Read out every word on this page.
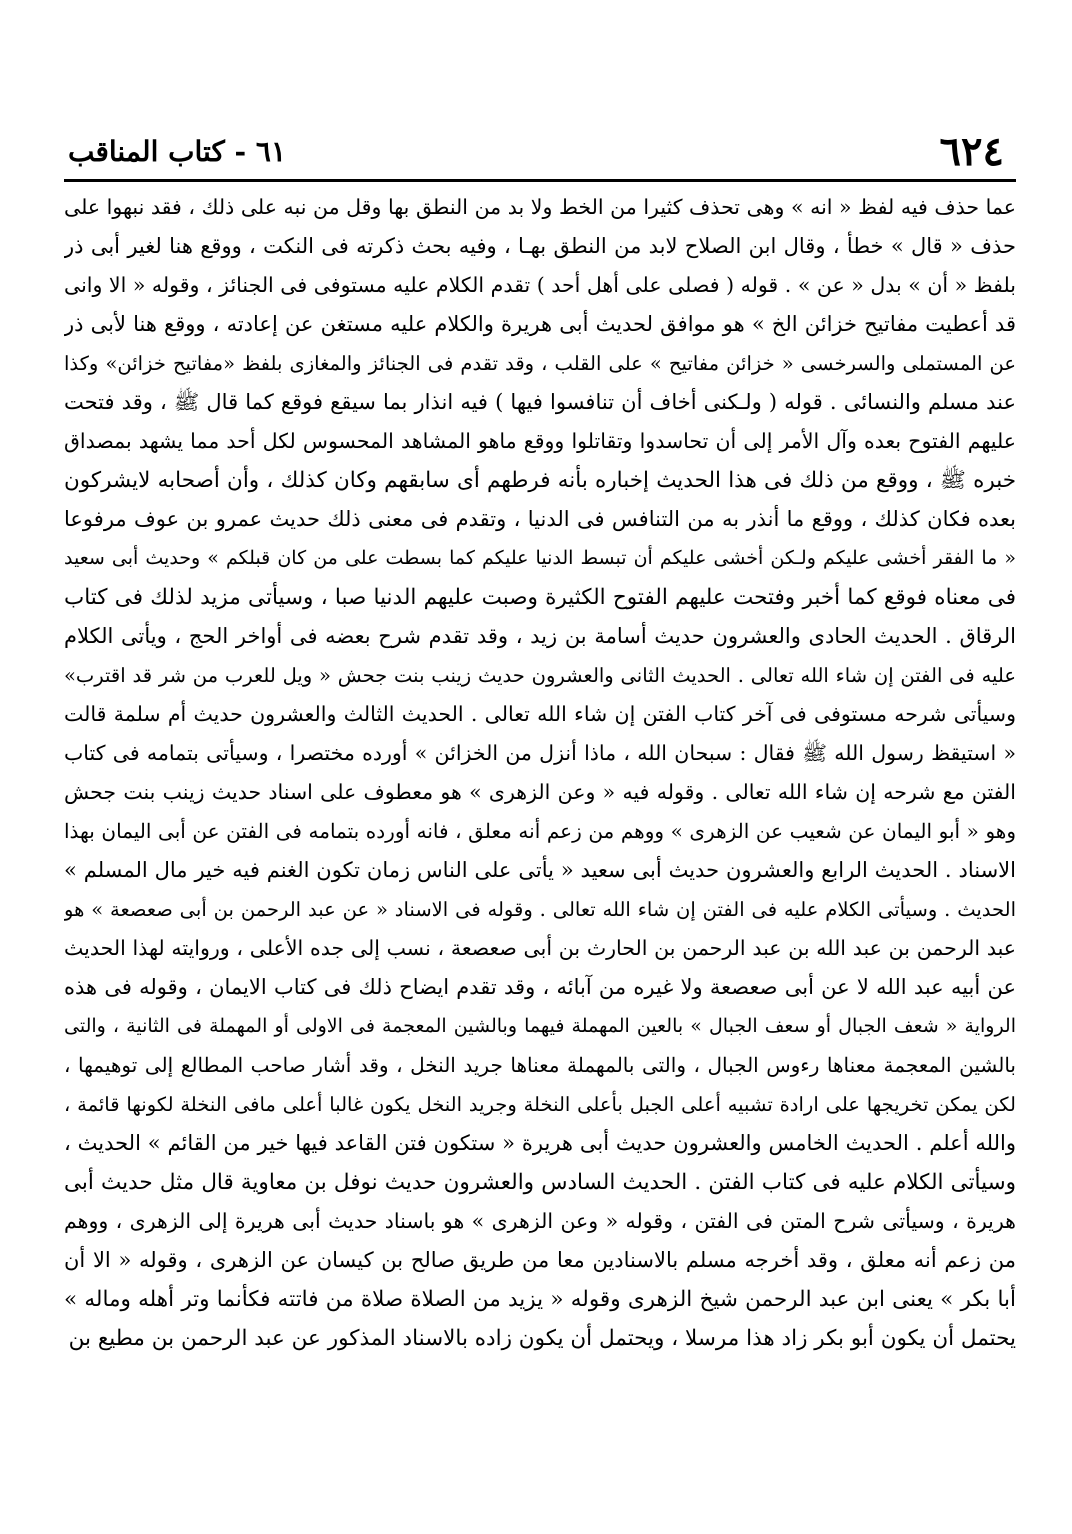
٦٢٤
٦١ - كتاب المناقب
عما حذف فيه لفظ « انه » وهى تحذف كثيرا من الخط ولا بد من النطق بها وقل من نبه على ذلك ، فقد نبهوا على
حذف « قال » خطأ ، وقال ابن الصلاح لابد من النطق بهـا ، وفيه بحث ذكرته فى النكت ، ووقع هنا لغير أبى ذر
بلفظ « أن » بدل « عن » . قوله ( فصلى على أهل أحد ) تقدم الكلام عليه مستوفى فى الجنائز ، وقوله « الا وانى
قد أعطيت مفاتيح خزائن الخ » هو موافق لحديث أبى هريرة والكلام عليه مستغن عن إعادته ، ووقع هنا لأبى ذر
عن المستملى والسرخسى « خزائن مفاتيح » على القلب ، وقد تقدم فى الجنائز والمغازى بلفظ «مفاتيح خزائن» وكذا
عند مسلم والنسائى . قوله ( ولـكنى أخاف أن تنافسوا فيها ) فيه انذار بما سيقع فوقع كما قال ﷺ ، وقد فتحت
عليهم الفتوح بعده وآل الأمر إلى أن تحاسدوا وتقاتلوا ووقع ماهو المشاهد المحسوس لكل أحد مما يشهد بمصداق
خبره ﷺ ، ووقع من ذلك فى هذا الحديث إخباره بأنه فرطهم أى سابقهم وكان كذلك ، وأن أصحابه لايشركون
بعده فكان كذلك ، ووقع ما أنذر به من التنافس فى الدنيا ، وتقدم فى معنى ذلك حديث عمرو بن عوف مرفوعا
« ما الفقر أخشى عليكم ولـكن أخشى عليكم أن تبسط الدنيا عليكم كما بسطت على من كان قبلكم » وحديث أبى سعيد
فى معناه فوقع كما أخبر وفتحت عليهم الفتوح الكثيرة وصبت عليهم الدنيا صبا ، وسيأتى مزيد لذلك فى كتاب
الرقاق . الحديث الحادى والعشرون حديث أسامة بن زيد ، وقد تقدم شرح بعضه فى أواخر الحج ، ويأتى الكلام
عليه فى الفتن إن شاء الله تعالى . الحديث الثانى والعشرون حديث زينب بنت جحش « ويل للعرب من شر قد اقترب»
وسيأتى شرحه مستوفى فى آخر كتاب الفتن إن شاء الله تعالى . الحديث الثالث والعشرون حديث أم سلمة قالت
« استيقظ رسول الله ﷺ فقال : سبحان الله ، ماذا أنزل من الخزائن » أورده مختصرا ، وسيأتى بتمامه فى كتاب
الفتن مع شرحه إن شاء الله تعالى . وقوله فيه « وعن الزهرى » هو معطوف على اسناد حديث زينب بنت جحش
وهو « أبو اليمان عن شعيب عن الزهرى » ووهم من زعم أنه معلق ، فانه أورده بتمامه فى الفتن عن أبى اليمان بهذا
الاسناد . الحديث الرابع والعشرون حديث أبى سعيد « يأتى على الناس زمان تكون الغنم فيه خير مال المسلم »
الحديث . وسيأتى الكلام عليه فى الفتن إن شاء الله تعالى . وقوله فى الاسناد « عن عبد الرحمن بن أبى صعصعة » هو
عبد الرحمن بن عبد الله بن عبد الرحمن بن الحارث بن أبى صعصعة ، نسب إلى جده الأعلى ، وروايته لهذا الحديث
عن أبيه عبد الله لا عن أبى صعصعة ولا غيره من آبائه ، وقد تقدم ايضاح ذلك فى كتاب الايمان ، وقوله فى هذه
الرواية « شعف الجبال أو سعف الجبال » بالعين المهملة فيهما وبالشين المعجمة فى الاولى أو المهملة فى الثانية ، والتى
بالشين المعجمة معناها رءوس الجبال ، والتى بالمهملة معناها جريد النخل ، وقد أشار صاحب المطالع إلى توهيمها ،
لكن يمكن تخريجها على ارادة تشبيه أعلى الجبل بأعلى النخلة وجريد النخل يكون غالبا أعلى مافى النخلة لكونها قائمة ،
والله أعلم . الحديث الخامس والعشرون حديث أبى هريرة « ستكون فتن القاعد فيها خير من القائم » الحديث ،
وسيأتى الكلام عليه فى كتاب الفتن . الحديث السادس والعشرون حديث نوفل بن معاوية قال مثل حديث أبى
هريرة ، وسيأتى شرح المتن فى الفتن ، وقوله « وعن الزهرى » هو باسناد حديث أبى هريرة إلى الزهرى ، ووهم
من زعم أنه معلق ، وقد أخرجه مسلم بالاسنادين معا من طريق صالح بن كيسان عن الزهرى ، وقوله « الا أن
أبا بكر » يعنى ابن عبد الرحمن شيخ الزهرى وقوله « يزيد من الصلاة صلاة من فاتته فكأنما وتر أهله وماله »
يحتمل أن يكون أبو بكر زاد هذا مرسلا ، ويحتمل أن يكون زاده بالاسناد المذكور عن عبد الرحمن بن مطيع بن
